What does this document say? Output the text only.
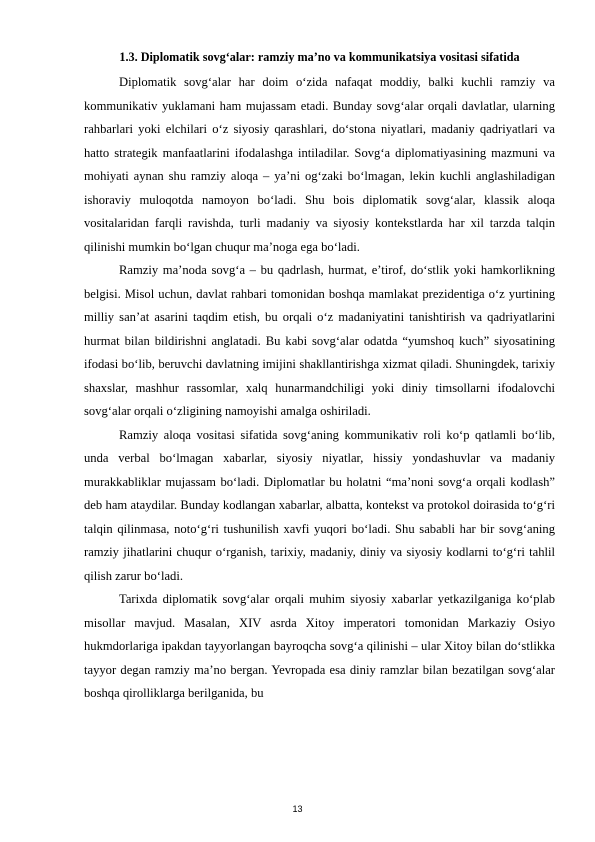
1.3. Diplomatik sovg‘alar: ramziy ma’no va kommunikatsiya vositasi sifatida

Diplomatik sovg‘alar har doim o‘zida nafaqat moddiy, balki kuchli ramziy va kommunikativ yuklamani ham mujassam etadi. Bunday sovg‘alar orqali davlatlar, ularning rahbarlari yoki elchilari o‘z siyosiy qarashlari, do‘stona niyatlari, madaniy qadriyatlari va hatto strategik manfaatlarini ifodalashga intiladilar. Sovg‘a diplomatiyasining mazmuni va mohiyati aynan shu ramziy aloqa – ya’ni og‘zaki bo‘lmagan, lekin kuchli anglashiladigan ishoraviy muloqotda namoyon bo‘ladi. Shu bois diplomatik sovg‘alar, klassik aloqa vositalaridan farqli ravishda, turli madaniy va siyosiy kontekstlarda har xil tarzda talqin qilinishi mumkin bo‘lgan chuqur ma’noga ega bo‘ladi.

Ramziy ma’noda sovg‘a – bu qadrlash, hurmat, e’tirof, do‘stlik yoki hamkorlikning belgisi. Misol uchun, davlat rahbari tomonidan boshqa mamlakat prezidentiga o‘z yurtining milliy san’at asarini taqdim etish, bu orqali o‘z madaniyatini tanishtirish va qadriyatlarini hurmat bilan bildirishni anglatadi. Bu kabi sovg‘alar odatda “yumshoq kuch” siyosatining ifodasi bo‘lib, beruvchi davlatning imijini shakllantirishga xizmat qiladi. Shuningdek, tarixiy shaxslar, mashhur rassomlar, xalq hunarmandchiligi yoki diniy timsollarni ifodalovchi sovg‘alar orqali o‘zligining namoyishi amalga oshiriladi.

Ramziy aloqa vositasi sifatida sovg‘aning kommunikativ roli ko‘p qatlamli bo‘lib, unda verbal bo‘lmagan xabarlar, siyosiy niyatlar, hissiy yondashuvlar va madaniy murakkabliklar mujassam bo‘ladi. Diplomatlar bu holatni “ma’noni sovg‘a orqali kodlash” deb ham ataydilar. Bunday kodlangan xabarlar, albatta, kontekst va protokol doirasida to‘g‘ri talqin qilinmasa, noto‘g‘ri tushunilish xavfi yuqori bo‘ladi. Shu sababli har bir sovg‘aning ramziy jihatlarini chuqur o‘rganish, tarixiy, madaniy, diniy va siyosiy kodlarni to‘g‘ri tahlil qilish zarur bo‘ladi.

Tarixda diplomatik sovg‘alar orqali muhim siyosiy xabarlar yetkazilganiga ko‘plab misollar mavjud. Masalan, XIV asrda Xitoy imperatori tomonidan Markaziy Osiyo hukmdorlariga ipakdan tayyorlangan bayroqcha sovg‘a qilinishi – ular Xitoy bilan do‘stlikka tayyor degan ramziy ma’no bergan. Yevropada esa diniy ramzlar bilan bezatilgan sovg‘alar boshqa qirolliklarga berilganida, bu

13
